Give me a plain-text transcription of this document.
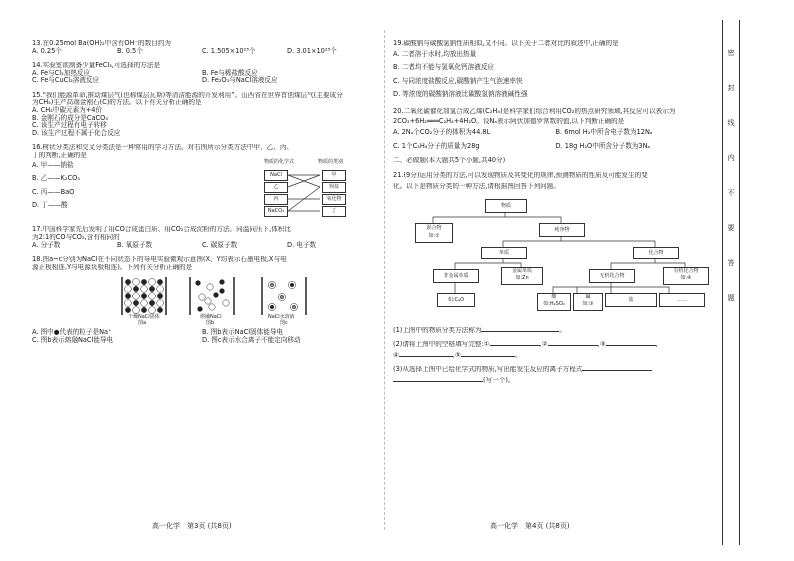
13.在0.25mol Ba(OH)₂中含有OH⁻的数目约为
A. 0.25个	B. 0.5个	C. 1.505×10²³个	D. 3.01×10²³个
14.实验室欲制备少量FeCl₃,可选择的方法是
A. Fe与Cl₂加热反应	B. Fe与稀盐酸反应
C. Fe与CuCl₂溶液反应	D. Fe₂O₃与NaCl溶液反应
15.“我们能源革命,推动煤层气(也称煤层瓦斯)等清洁能源的开发利用”。山西省在世界首创煤层气(主要成分
为CH₄)生产高端金刚石(C)的方法。以下有关分析正确的是
A. CH₄中碳元素为+4价
B. 金刚石的成分是CaCO₃
C. 该生产过程有电子转移
D. 该生产过程不属于化合反应
16.树状分类法和交叉分类法是一种常用的学习方法。对右图所示分类方法中甲、乙、丙、
丁的判断,正确的是
A. 甲——钠盐
B. 乙——K₂CO₃
C. 丙——BaO
D. 丁——酸
物质的化学式	物质的类别
NaCl
乙
丙
NaCO₃
甲
钡盐
氧化物
丁
17.中国科学家先后发明了用CO合成蛋白质、用CO₂合成淀粉的方法。同温同压下,体积比
为2:1的CO与CO₂,含有相同的
A. 分子数	B. 氧原子数	C. 碳原子数	D. 电子数
18.图a~c分别为NaCl在不同状态下的导电实验微观示意图(X、Y均表示石墨电极,X与电
源正极相连,Y与电源负极相连)。下列有关分析正确的是
干燥NaCl固体
图a
熔融NaCl
图b
NaCl水溶液
图c
A. 图中●代表的粒子是Na⁺	B. 图b表示NaCl固体能导电
C. 图b表示熔融NaCl能导电	D. 图c表示水合离子不能定向移动
高一化学　第3页 (共8页)
19.碳酸钠与碳酸氢钠性质相似,又不同。以下关于二者对比的叙述中,正确的是
A. 二者溶于水时,均放出热量
B. 二者均不能与氢氧化钙溶液反应
C. 与同浓度盐酸反应,碳酸钠产生气泡速率快
D. 等浓度的碳酸钠溶液比碳酸氢钠溶液碱性强
20.二氧化碳催化加氢合成乙烯(C₂H₄)是科学家们综合利用CO₂的热点研究领域,其反应可以表示为
2CO₂+6H₂═══C₂H₄+4H₂O。设Nₐ表示阿伏加德罗常数的值,以下判断正确的是
A. 2Nₐ个CO₂分子的体积为44.8L	B. 6mol H₂中所含电子数为12Nₐ
C. 1个C₂H₄分子的质量为28g	D. 18g H₂O中所含分子数为3Nₐ
二、必做题(本大题共5个小题,共40分)
21.(9分)运用分类的方法,可以发现物质及其变化的规律,预测物质的性质及可能发生的变
化。以下是物质分类的一种方法,请根据图回答下列问题。
物质
混合物
如:①
纯净物
单质	化合物
非金属单质
金属单质
如:Zn	无机化合物
有机化合物
如:④
如:C₆O	酸
如:H₂SO₄
碱
如:③
盐	……
(1)上图中的物质分类方法称为	。
(2)请将上图中的空格填写完整:①	,②	,③	,
④	,⑤	。
(3)从选择上图中已给化学式的物质,写出能发生反应的离子方程式
(写一个)。
高一化学　第4页 (共8页)
密
封
线
内
不
要
答
题
